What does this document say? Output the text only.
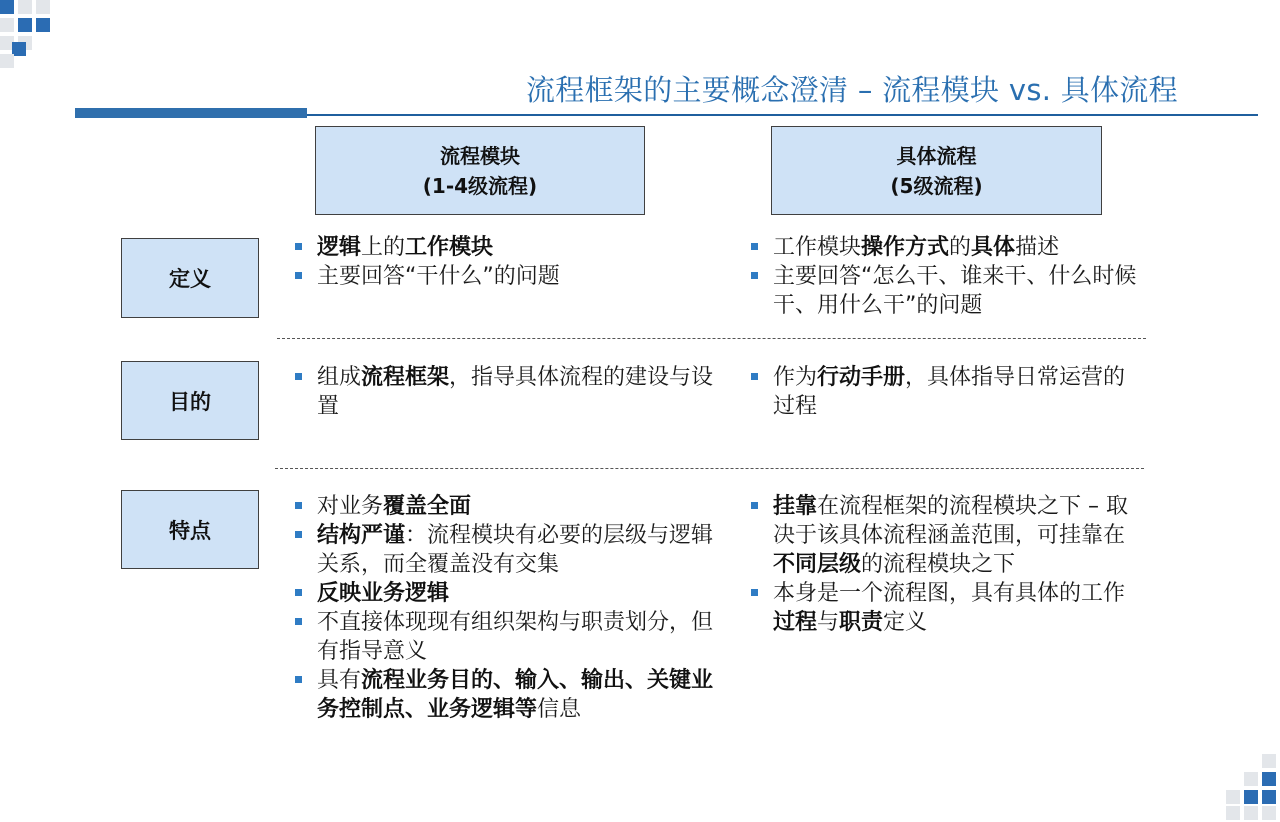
流程框架的主要概念澄清 – 流程模块 vs. 具体流程
流程模块
(1-4级流程)
具体流程
(5级流程)
定义
目的
特点
逻辑上的工作模块
主要回答“干什么”的问题
工作模块操作方式的具体描述
主要回答“怎么干、谁来干、什么时候干、用什么干”的问题
组成流程框架，指导具体流程的建设与设置
作为行动手册，具体指导日常运营的过程
对业务覆盖全面
结构严谨：流程模块有必要的层级与逻辑关系，而全覆盖没有交集
反映业务逻辑
不直接体现现有组织架构与职责划分，但有指导意义
具有流程业务目的、输入、输出、关键业务控制点、业务逻辑等信息
挂靠在流程框架的流程模块之下 – 取决于该具体流程涵盖范围，可挂靠在不同层级的流程模块之下
本身是一个流程图，具有具体的工作过程与职责定义
